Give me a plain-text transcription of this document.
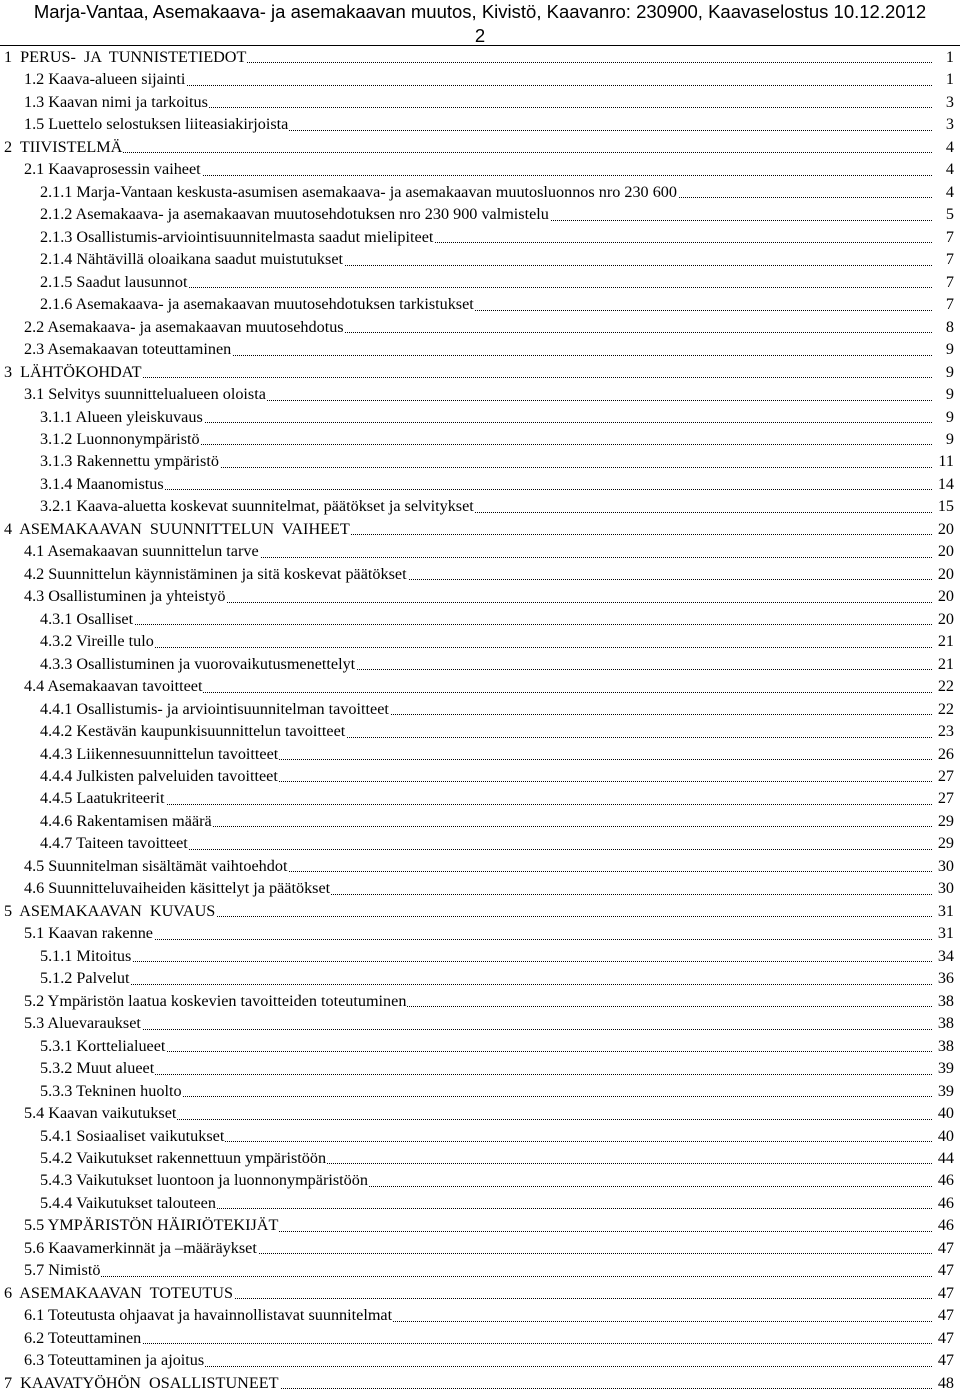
Marja-Vantaa, Asemakaava- ja asemakaavan muutos, Kivistö, Kaavanro: 230900, Kaavaselostus 10.12.2012
2
1 PERUS- JA TUNNISTETIEDOT	1
1.2 Kaava-alueen sijainti	1
1.3 Kaavan nimi ja tarkoitus	3
1.5 Luettelo selostuksen liiteasiakirjoista	3
2 TIIVISTELMÄ	4
2.1 Kaavaprosessin vaiheet	4
2.1.1 Marja-Vantaan keskusta-asumisen asemakaava- ja asemakaavan muutosluonnos nro 230 600	4
2.1.2 Asemakaava- ja asemakaavan muutosehdotuksen nro 230 900 valmistelu	5
2.1.3 Osallistumis-arviointisuunnitelmasta saadut mielipiteet	7
2.1.4 Nähtävillä oloaikana saadut muistutukset	7
2.1.5 Saadut lausunnot	7
2.1.6 Asemakaava- ja asemakaavan muutosehdotuksen tarkistukset	7
2.2 Asemakaava- ja asemakaavan muutosehdotus	8
2.3 Asemakaavan toteuttaminen	9
3 LÄHTÖKOHDAT	9
3.1 Selvitys suunnittelualueen oloista	9
3.1.1 Alueen yleiskuvaus	9
3.1.2 Luonnonympäristö	9
3.1.3 Rakennettu ympäristö	11
3.1.4 Maanomistus	14
3.2.1 Kaava-aluetta koskevat suunnitelmat, päätökset ja selvitykset	15
4 ASEMAKAAVAN SUUNNITTELUN VAIHEET	20
4.1 Asemakaavan suunnittelun tarve	20
4.2 Suunnittelun käynnistäminen ja sitä koskevat päätökset	20
4.3 Osallistuminen ja yhteistyö	20
4.3.1 Osalliset	20
4.3.2 Vireille tulo	21
4.3.3 Osallistuminen ja vuorovaikutusmenettelyt	21
4.4 Asemakaavan tavoitteet	22
4.4.1 Osallistumis- ja arviointisuunnitelman tavoitteet	22
4.4.2 Kestävän kaupunkisuunnittelun tavoitteet	23
4.4.3 Liikennesuunnittelun tavoitteet	26
4.4.4 Julkisten palveluiden tavoitteet	27
4.4.5 Laatukriteerit	27
4.4.6 Rakentamisen määrä	29
4.4.7 Taiteen tavoitteet	29
4.5 Suunnitelman sisältämät vaihtoehdot	30
4.6 Suunnitteluvaiheiden käsittelyt ja päätökset	30
5 ASEMAKAAVAN KUVAUS	31
5.1 Kaavan rakenne	31
5.1.1 Mitoitus	34
5.1.2 Palvelut	36
5.2 Ympäristön laatua koskevien tavoitteiden toteutuminen	38
5.3 Aluevaraukset	38
5.3.1 Korttelialueet	38
5.3.2 Muut alueet	39
5.3.3 Tekninen huolto	39
5.4 Kaavan vaikutukset	40
5.4.1 Sosiaaliset vaikutukset	40
5.4.2 Vaikutukset rakennettuun ympäristöön	44
5.4.3 Vaikutukset luontoon ja luonnonympäristöön	46
5.4.4 Vaikutukset talouteen	46
5.5 YMPÄRISTÖN HÄIRIÖTEKIJÄT	46
5.6 Kaavamerkinnät ja –määräykset	47
5.7 Nimistö	47
6 ASEMAKAAVAN TOTEUTUS	47
6.1 Toteutusta ohjaavat ja havainnollistavat suunnitelmat	47
6.2 Toteuttaminen	47
6.3 Toteuttaminen ja ajoitus	47
7 KAAVATYÖHÖN OSALLISTUNEET	48
